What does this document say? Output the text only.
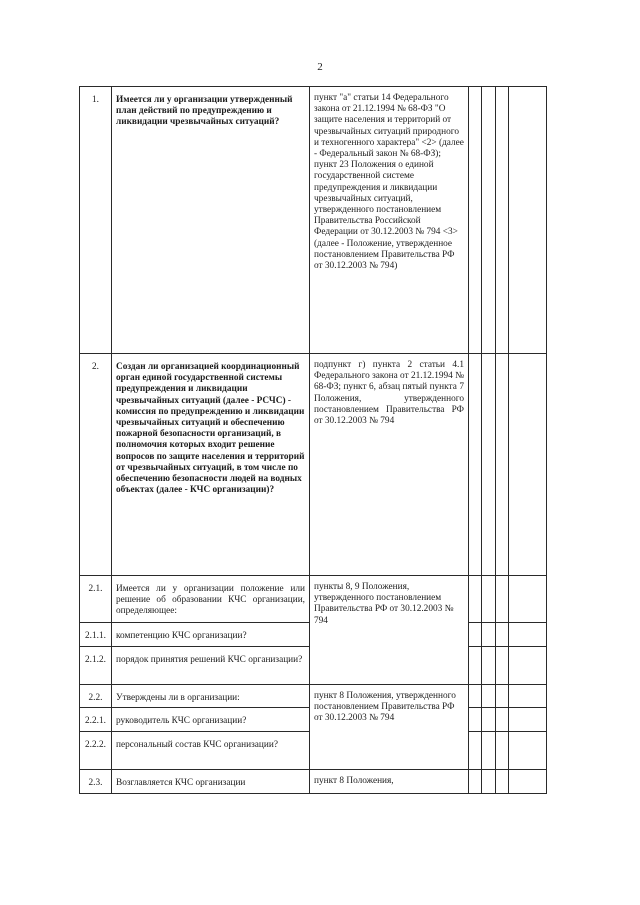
2
1.	Имеется ли у организации утвержденный план действий по предупреждению и ликвидации чрезвычайных ситуаций?	пункт "а" статьи 14 Федерального закона от 21.12.1994 № 68-ФЗ "О защите населения и территорий от чрезвычайных ситуаций природного и техногенного характера" <2> (далее - Федеральный закон № 68-ФЗ); пункт 23 Положения о единой государственной системе предупреждения и ликвидации чрезвычайных ситуаций, утвержденного постановлением Правительства Российской Федерации от 30.12.2003 № 794 <3> (далее - Положение, утвержденное постановлением Правительства РФ от 30.12.2003 № 794)				
2.	Создан ли организацией координационный орган единой государственной системы предупреждения и ликвидации чрезвычайных ситуаций (далее - РСЧС) - комиссия по предупреждению и ликвидации чрезвычайных ситуаций и обеспечению пожарной безопасности организаций, в полномочия которых входит решение вопросов по защите населения и территорий от чрезвычайных ситуаций, в том числе по обеспечению безопасности людей на водных объектах (далее - КЧС организации)?	подпункт г) пункта 2 статьи 4.1 Федерального закона от 21.12.1994 № 68-ФЗ; пункт 6, абзац пятый пункта 7 Положения, утвержденного постановлением Правительства РФ от 30.12.2003 № 794				
2.1.	Имеется ли у организации положение или решение об образовании КЧС организации, определяющее:	пункты 8, 9 Положения, утвержденного постановлением Правительства РФ от 30.12.2003 № 794				
2.1.1.	компетенцию КЧС организации?					
2.1.2.	порядок принятия решений КЧС организации?					
2.2.	Утверждены ли в организации:	пункт 8 Положения, утвержденного постановлением Правительства РФ от 30.12.2003 № 794				
2.2.1.	руководитель КЧС организации?					
2.2.2.	персональный состав КЧС организации?					
2.3.	Возглавляется КЧС организации	пункт 8 Положения,				
